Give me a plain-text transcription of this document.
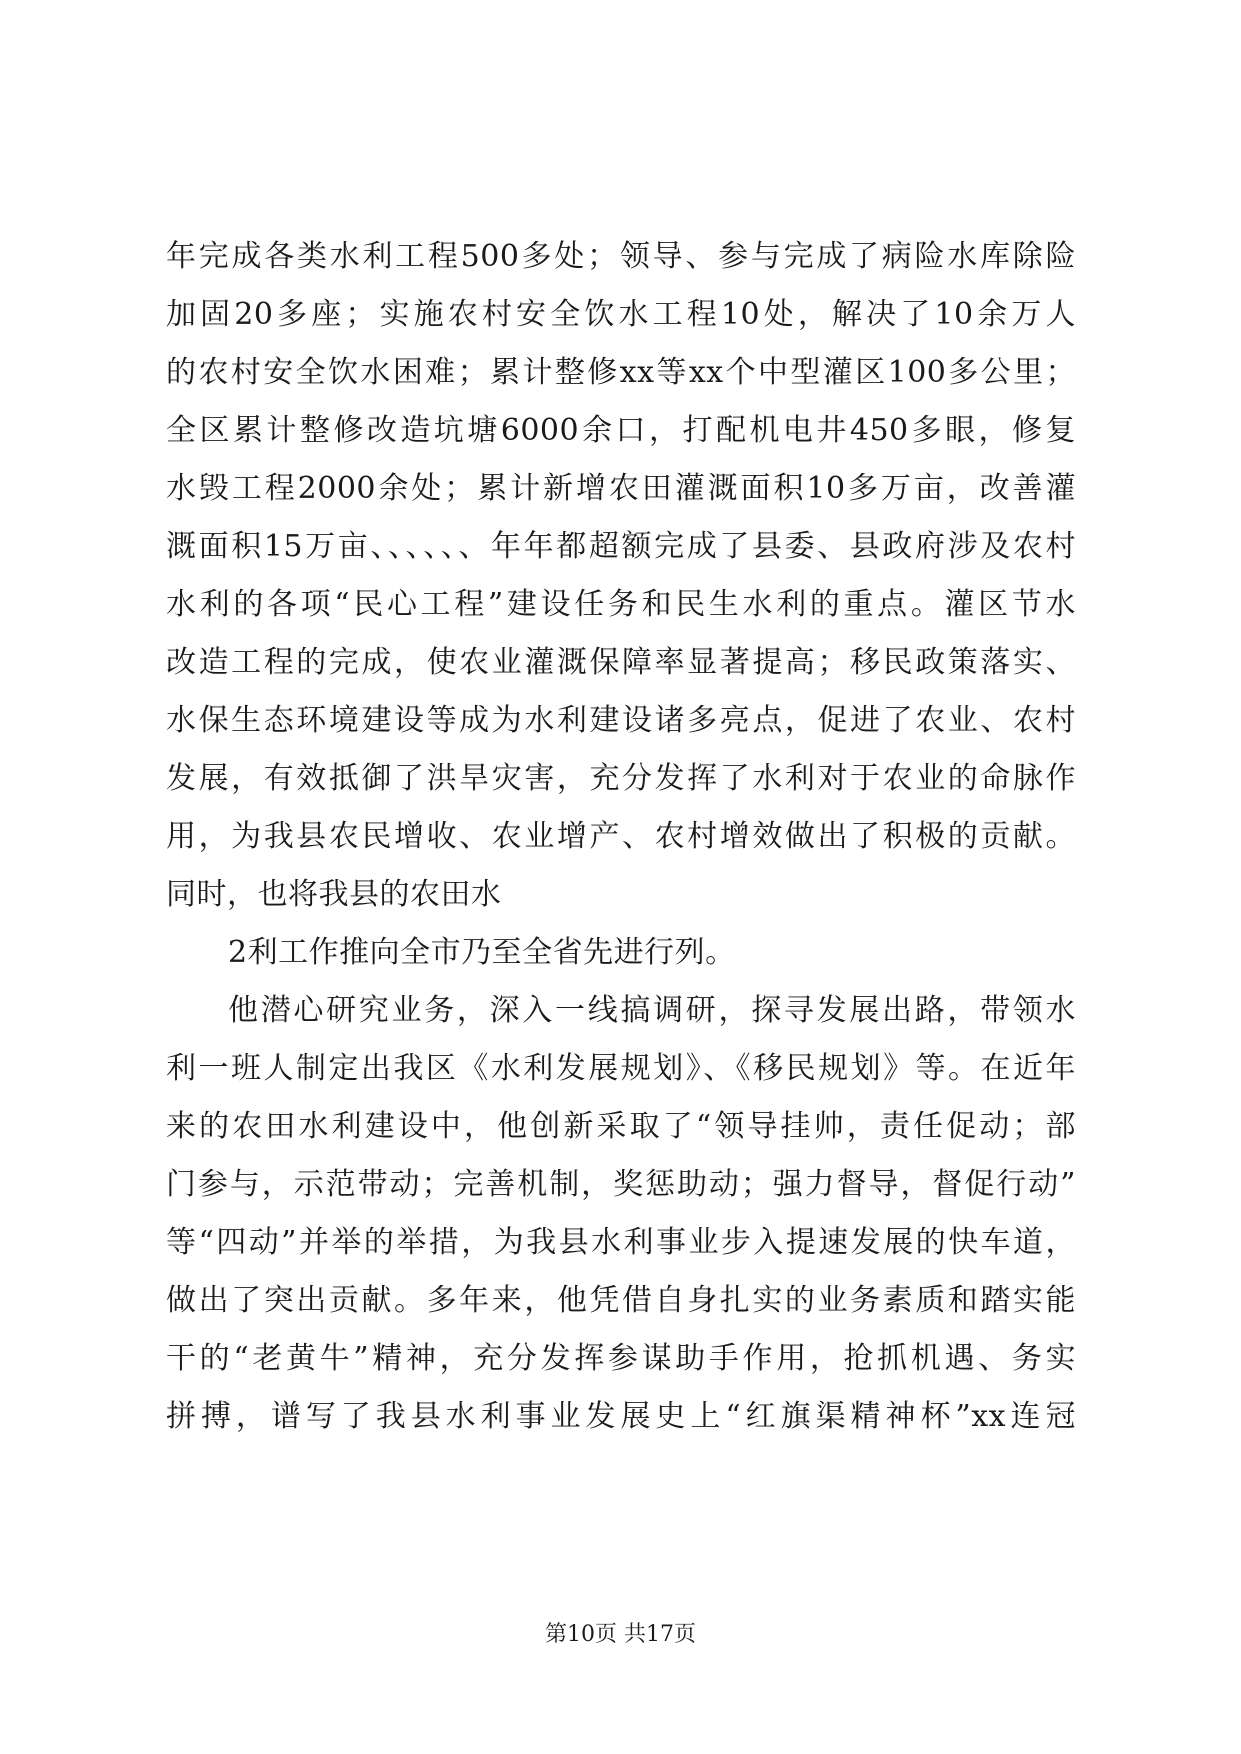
年完成各类水利工程500多处；领导、参与完成了病险水库除险
加固20多座；实施农村安全饮水工程10处，解决了10余万人
的农村安全饮水困难；累计整修xx等xx个中型灌区100多公里；
全区累计整修改造坑塘6000余口，打配机电井450多眼，修复
水毁工程2000余处；累计新增农田灌溉面积10多万亩，改善灌
溉面积15万亩、、、、、、年年都超额完成了县委、县政府涉及农村
水利的各项“民心工程”建设任务和民生水利的重点。灌区节水
改造工程的完成，使农业灌溉保障率显著提高；移民政策落实、
水保生态环境建设等成为水利建设诸多亮点，促进了农业、农村
发展，有效抵御了洪旱灾害，充分发挥了水利对于农业的命脉作
用，为我县农民增收、农业增产、农村增效做出了积极的贡献。
同时，也将我县的农田水
2利工作推向全市乃至全省先进行列。
他潜心研究业务，深入一线搞调研，探寻发展出路，带领水
利一班人制定出我区《水利发展规划》、《移民规划》等。在近年
来的农田水利建设中，他创新采取了“领导挂帅，责任促动；部
门参与，示范带动；完善机制，奖惩助动；强力督导，督促行动”
等“四动”并举的举措，为我县水利事业步入提速发展的快车道，
做出了突出贡献。多年来，他凭借自身扎实的业务素质和踏实能
干的“老黄牛”精神，充分发挥参谋助手作用，抢抓机遇、务实
拼搏，谱写了我县水利事业发展史上“红旗渠精神杯”xx连冠
第10页 共17页
